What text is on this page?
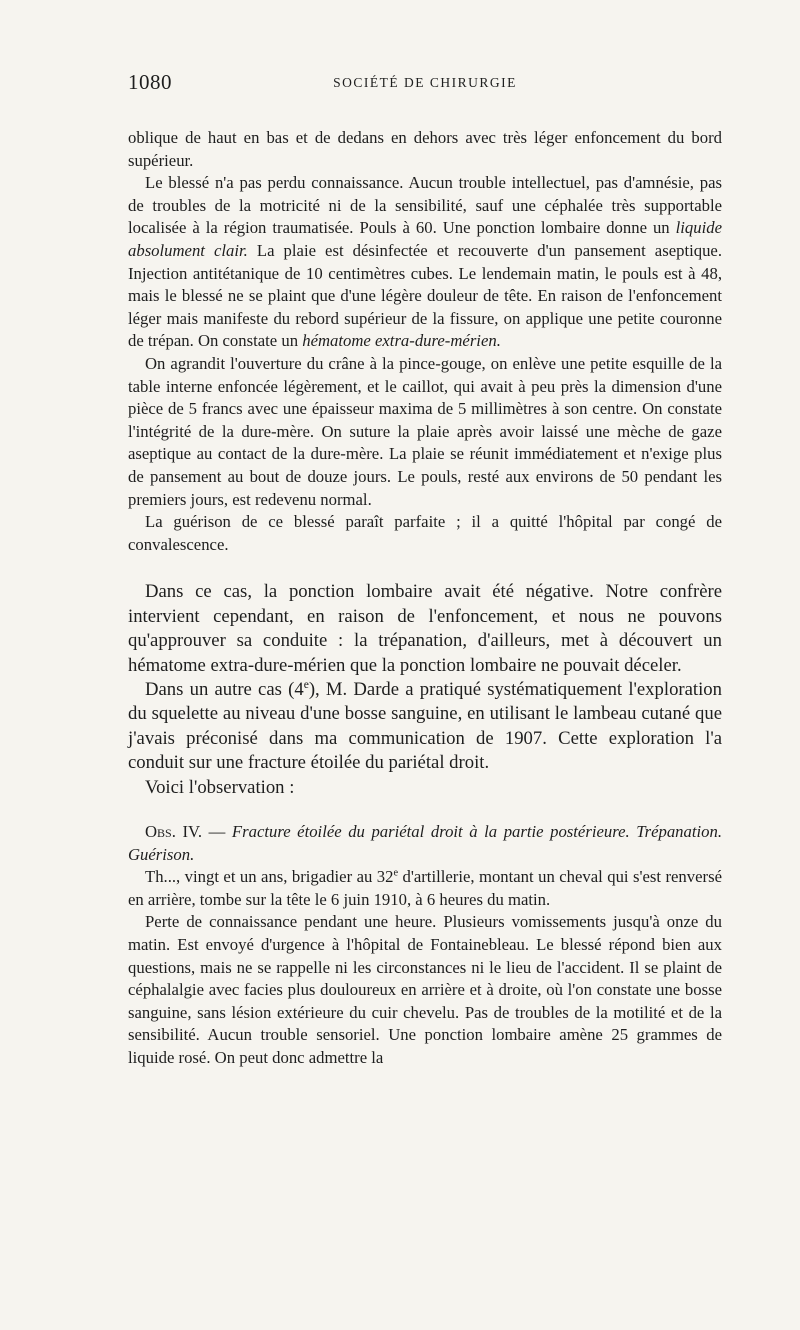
1080	SOCIÉTÉ DE CHIRURGIE

oblique de haut en bas et de dedans en dehors avec très léger enfoncement du bord supérieur.

Le blessé n'a pas perdu connaissance. Aucun trouble intellectuel, pas d'amnésie, pas de troubles de la motricité ni de la sensibilité, sauf une céphalée très supportable localisée à la région traumatisée. Pouls à 60. Une ponction lombaire donne un liquide absolument clair. La plaie est désinfectée et recouverte d'un pansement aseptique. Injection antitétanique de 10 centimètres cubes. Le lendemain matin, le pouls est à 48, mais le blessé ne se plaint que d'une légère douleur de tête. En raison de l'enfoncement léger mais manifeste du rebord supérieur de la fissure, on applique une petite couronne de trépan. On constate un hématome extra-dure-mérien.

On agrandit l'ouverture du crâne à la pince-gouge, on enlève une petite esquille de la table interne enfoncée légèrement, et le caillot, qui avait à peu près la dimension d'une pièce de 5 francs avec une épaisseur maxima de 5 millimètres à son centre. On constate l'intégrité de la dure-mère. On suture la plaie après avoir laissé une mèche de gaze aseptique au contact de la dure-mère. La plaie se réunit immédiatement et n'exige plus de pansement au bout de douze jours. Le pouls, resté aux environs de 50 pendant les premiers jours, est redevenu normal.

La guérison de ce blessé paraît parfaite ; il a quitté l'hôpital par congé de convalescence.

Dans ce cas, la ponction lombaire avait été négative. Notre confrère intervient cependant, en raison de l'enfoncement, et nous ne pouvons qu'approuver sa conduite : la trépanation, d'ailleurs, met à découvert un hématome extra-dure-mérien que la ponction lombaire ne pouvait déceler.

Dans un autre cas (4e), M. Darde a pratiqué systématiquement l'exploration du squelette au niveau d'une bosse sanguine, en utilisant le lambeau cutané que j'avais préconisé dans ma communication de 1907. Cette exploration l'a conduit sur une fracture étoilée du pariétal droit.

Voici l'observation :

Obs. IV. — Fracture étoilée du pariétal droit à la partie postérieure. Trépanation. Guérison.

Th..., vingt et un ans, brigadier au 32e d'artillerie, montant un cheval qui s'est renversé en arrière, tombe sur la tête le 6 juin 1910, à 6 heures du matin.

Perte de connaissance pendant une heure. Plusieurs vomissements jusqu'à onze du matin. Est envoyé d'urgence à l'hôpital de Fontainebleau. Le blessé répond bien aux questions, mais ne se rappelle ni les circonstances ni le lieu de l'accident. Il se plaint de céphalalgie avec facies plus douloureux en arrière et à droite, où l'on constate une bosse sanguine, sans lésion extérieure du cuir chevelu. Pas de troubles de la motilité et de la sensibilité. Aucun trouble sensoriel. Une ponction lombaire amène 25 grammes de liquide rosé. On peut donc admettre la
